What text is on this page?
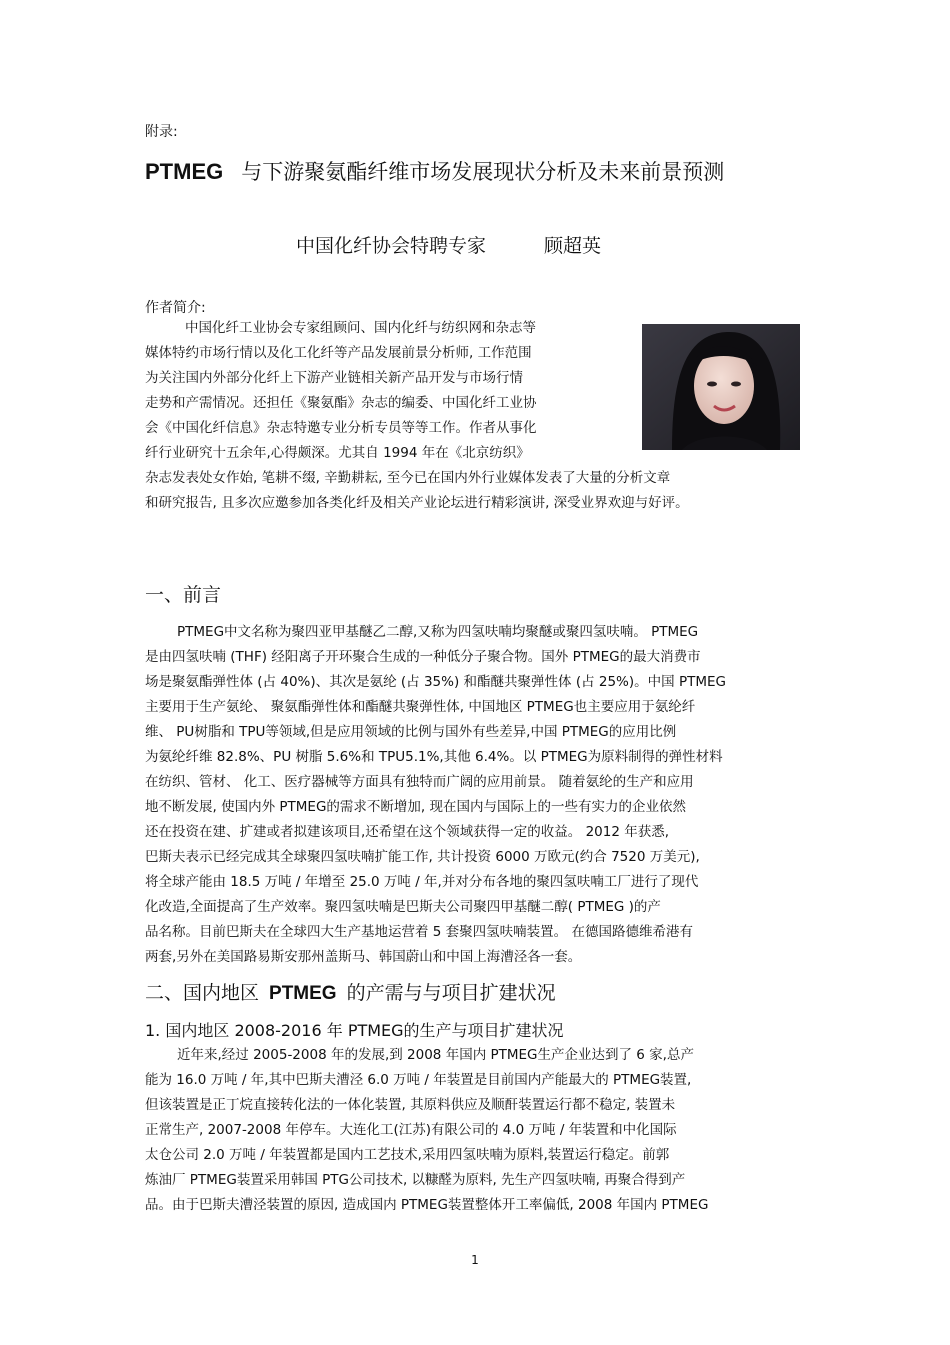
附录:
PTMEG 与下游聚氨酯纤维市场发展现状分析及未来前景预测
中国化纤协会特聘专家	顾超英
作者简介:
中国化纤工业协会专家组顾问、国内化纤与纺织网和杂志等
媒体特约市场行情以及化工化纤等产品发展前景分析师, 工作范围
为关注国内外部分化纤上下游产业链相关新产品开发与市场行情
走势和产需情况。还担任《聚氨酯》杂志的编委、中国化纤工业协
会《中国化纤信息》杂志特邀专业分析专员等等工作。作者从事化
纤行业研究十五余年,心得颇深。尤其自 1994 年在《北京纺织》
杂志发表处女作始, 笔耕不缀, 辛勤耕耘, 至今已在国内外行业媒体发表了大量的分析文章
和研究报告, 且多次应邀参加各类化纤及相关产业论坛进行精彩演讲, 深受业界欢迎与好评。
一、前言
PTMEG中文名称为聚四亚甲基醚乙二醇,又称为四氢呋喃均聚醚或聚四氢呋喃。 PTMEG
是由四氢呋喃 (THF) 经阳离子开环聚合生成的一种低分子聚合物。国外 PTMEG的最大消费市
场是聚氨酯弹性体 (占 40%)、其次是氨纶 (占 35%) 和酯醚共聚弹性体 (占 25%)。中国 PTMEG
主要用于生产氨纶、 聚氨酯弹性体和酯醚共聚弹性体, 中国地区 PTMEG也主要应用于氨纶纤
维、 PU树脂和 TPU等领域,但是应用领域的比例与国外有些差异,中国 PTMEG的应用比例
为氨纶纤维 82.8%、PU 树脂 5.6%和 TPU5.1%,其他 6.4%。以 PTMEG为原料制得的弹性材料
在纺织、管材、 化工、医疗器械等方面具有独特而广阔的应用前景。 随着氨纶的生产和应用
地不断发展, 使国内外 PTMEG的需求不断增加, 现在国内与国际上的一些有实力的企业依然
还在投资在建、扩建或者拟建该项目,还希望在这个领域获得一定的收益。 2012 年获悉,
巴斯夫表示已经完成其全球聚四氢呋喃扩能工作, 共计投资 6000 万欧元(约合 7520 万美元),
将全球产能由 18.5 万吨 / 年增至 25.0 万吨 / 年,并对分布各地的聚四氢呋喃工厂进行了现代
化改造,全面提高了生产效率。聚四氢呋喃是巴斯夫公司聚四甲基醚二醇( PTMEG )的产
品名称。目前巴斯夫在全球四大生产基地运营着 5 套聚四氢呋喃装置。 在德国路德维希港有
两套,另外在美国路易斯安那州盖斯马、韩国蔚山和中国上海漕泾各一套。
二、国内地区 PTMEG 的产需与与项目扩建状况
1. 国内地区 2008-2016 年 PTMEG的生产与项目扩建状况
近年来,经过 2005-2008 年的发展,到 2008 年国内 PTMEG生产企业达到了 6 家,总产
能为 16.0 万吨 / 年,其中巴斯夫漕泾 6.0 万吨 / 年装置是目前国内产能最大的 PTMEG装置,
但该装置是正丁烷直接转化法的一体化装置, 其原料供应及顺酐装置运行都不稳定, 装置未
正常生产, 2007-2008 年停车。大连化工(江苏)有限公司的 4.0 万吨 / 年装置和中化国际
太仓公司 2.0 万吨 / 年装置都是国内工艺技术,采用四氢呋喃为原料,装置运行稳定。前郭
炼油厂 PTMEG装置采用韩国 PTG公司技术, 以糠醛为原料, 先生产四氢呋喃, 再聚合得到产
品。由于巴斯夫漕泾装置的原因, 造成国内 PTMEG装置整体开工率偏低, 2008 年国内 PTMEG
1
